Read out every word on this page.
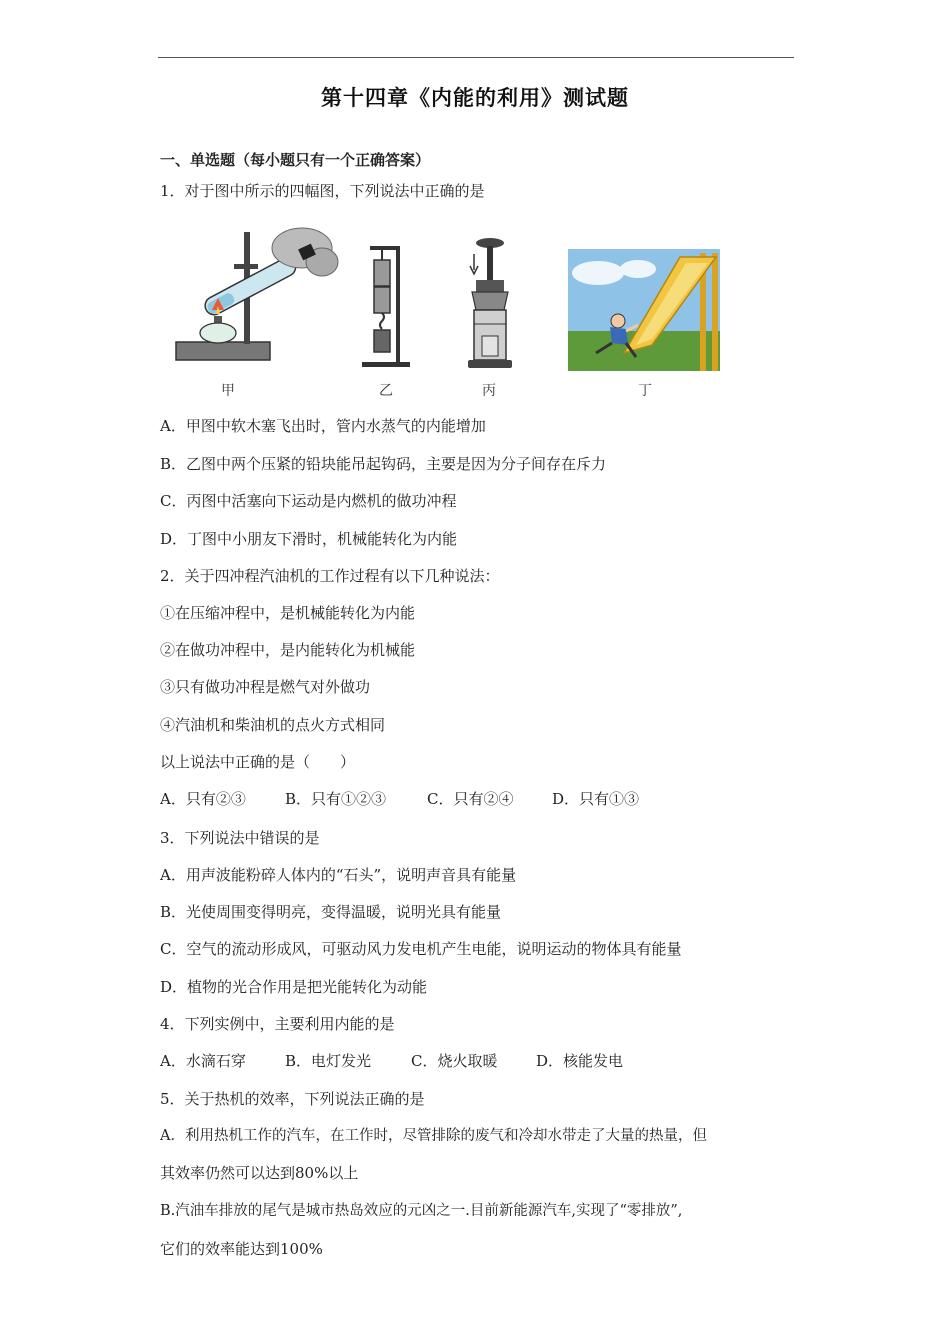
第十四章《内能的利用》测试题
一、单选题（每小题只有一个正确答案）
1．对于图中所示的四幅图，下列说法中正确的是
甲	乙	丙	丁
A．甲图中软木塞飞出时，管内水蒸气的内能增加
B．乙图中两个压紧的铅块能吊起钩码，主要是因为分子间存在斥力
C．丙图中活塞向下运动是内燃机的做功冲程
D．丁图中小朋友下滑时，机械能转化为内能
2．关于四冲程汽油机的工作过程有以下几种说法：
①在压缩冲程中，是机械能转化为内能
②在做功冲程中，是内能转化为机械能
③只有做功冲程是燃气对外做功
④汽油机和柴油机的点火方式相同
以上说法中正确的是（　　）
A．只有②③	B．只有①②③	C．只有②④	D．只有①③
3．下列说法中错误的是
A．用声波能粉碎人体内的“石头”，说明声音具有能量
B．光使周围变得明亮，变得温暖，说明光具有能量
C．空气的流动形成风，可驱动风力发电机产生电能，说明运动的物体具有能量
D．植物的光合作用是把光能转化为动能
4．下列实例中，主要利用内能的是
A．水滴石穿	B．电灯发光	C．烧火取暖	D．核能发电
5．关于热机的效率，下列说法正确的是
A．利用热机工作的汽车，在工作时，尽管排除的废气和冷却水带走了大量的热量，但
其效率仍然可以达到80%以上
B.汽油车排放的尾气是城市热岛效应的元凶之一.目前新能源汽车,实现了“零排放”,
它们的效率能达到100%
